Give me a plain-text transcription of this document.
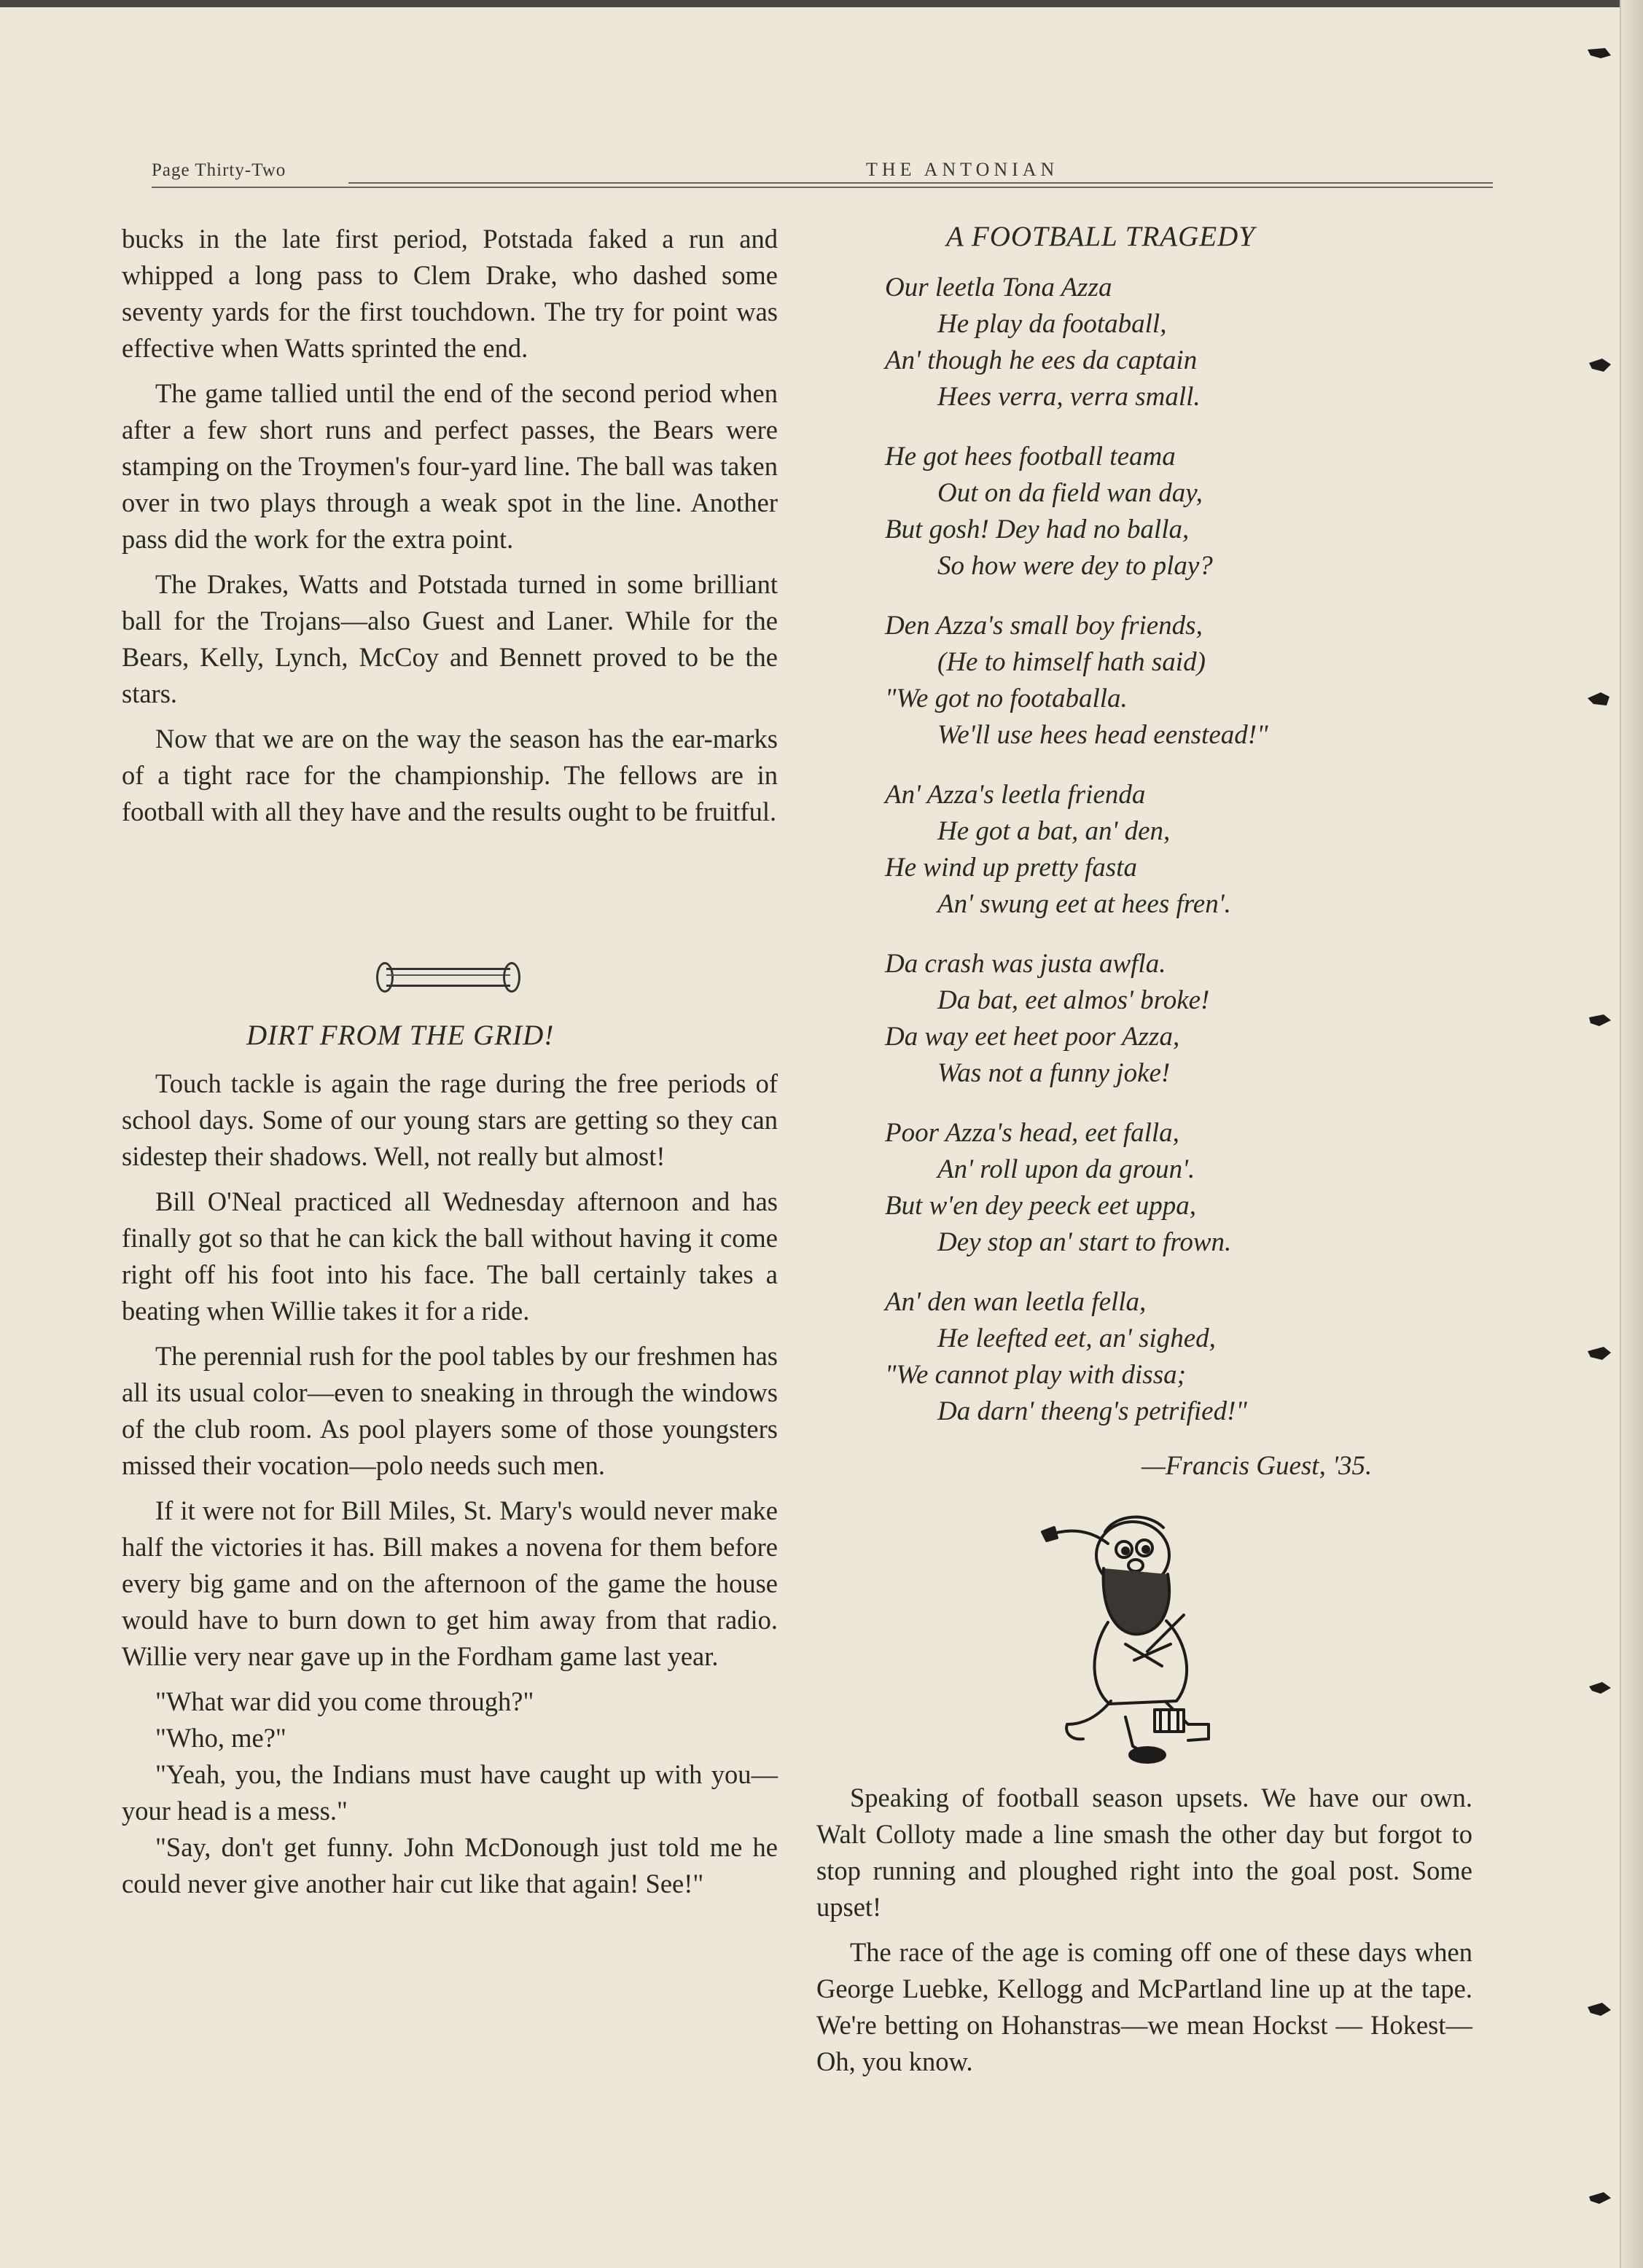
Page Thirty-Two	THE ANTONIAN

bucks in the late first period, Potstada faked a run and whipped a long pass to Clem Drake, who dashed some seventy yards for the first touchdown. The try for point was effective when Watts sprinted the end.

The game tallied until the end of the second period when after a few short runs and perfect passes, the Bears were stamping on the Troymen's four-yard line. The ball was taken over in two plays through a weak spot in the line. Another pass did the work for the extra point.

The Drakes, Watts and Potstada turned in some brilliant ball for the Trojans—also Guest and Laner. While for the Bears, Kelly, Lynch, McCoy and Bennett proved to be the stars.

Now that we are on the way the season has the ear-marks of a tight race for the championship. The fellows are in football with all they have and the results ought to be fruitful.

DIRT FROM THE GRID!

Touch tackle is again the rage during the free periods of school days. Some of our young stars are getting so they can sidestep their shadows. Well, not really but almost!

Bill O'Neal practiced all Wednesday afternoon and has finally got so that he can kick the ball without having it come right off his foot into his face. The ball certainly takes a beating when Willie takes it for a ride.

The perennial rush for the pool tables by our freshmen has all its usual color—even to sneaking in through the windows of the club room. As pool players some of those youngsters missed their vocation—polo needs such men.

If it were not for Bill Miles, St. Mary's would never make half the victories it has. Bill makes a novena for them before every big game and on the afternoon of the game the house would have to burn down to get him away from that radio. Willie very near gave up in the Fordham game last year.

"What war did you come through?"

"Who, me?"

"Yeah, you, the Indians must have caught up with you—your head is a mess."

"Say, don't get funny. John McDonough just told me he could never give another hair cut like that again! See!"

A FOOTBALL TRAGEDY
Our leetla Tona Azza
He play da footaball,
An' though he ees da captain
Hees verra, verra small.
He got hees football teama
Out on da field wan day,
But gosh! Dey had no balla,
So how were dey to play?
Den Azza's small boy friends,
(He to himself hath said)
"We got no footaballa.
We'll use hees head eenstead!"
An' Azza's leetla frienda
He got a bat, an' den,
He wind up pretty fasta
An' swung eet at hees fren'.
Da crash was justa awfla.
Da bat, eet almos' broke!
Da way eet heet poor Azza,
Was not a funny joke!
Poor Azza's head, eet falla,
An' roll upon da groun'.
But w'en dey peeck eet uppa,
Dey stop an' start to frown.
An' den wan leetla fella,
He leefted eet, an' sighed,
"We cannot play with dissa;
Da darn' theeng's petrified!"
—Francis Guest, '35.

Speaking of football season upsets. We have our own. Walt Colloty made a line smash the other day but forgot to stop running and ploughed right into the goal post. Some upset!

The race of the age is coming off one of these days when George Luebke, Kellogg and McPartland line up at the tape. We're betting on Hohanstras—we mean Hockst — Hokest—Oh, you know.
